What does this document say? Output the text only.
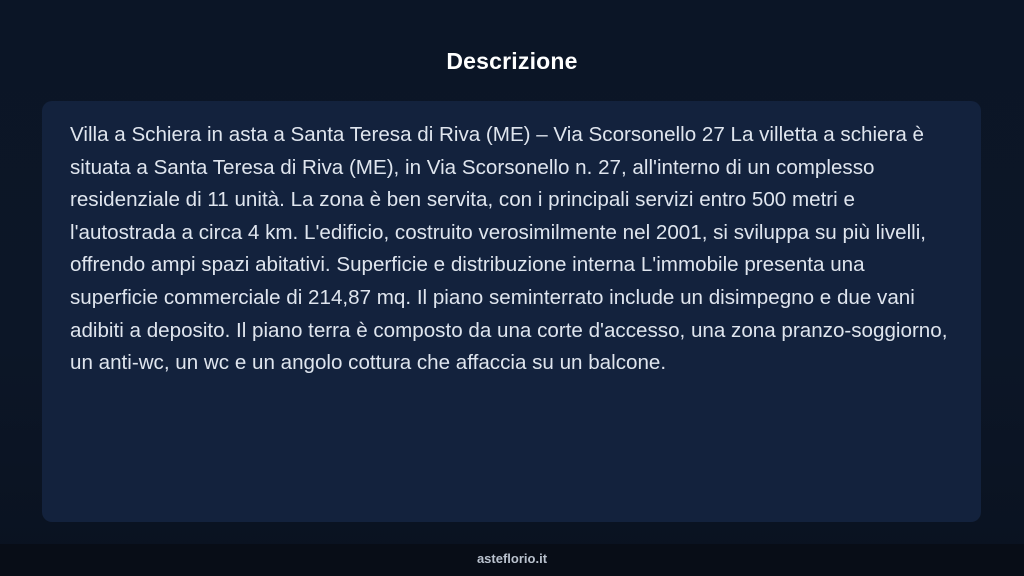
Descrizione

Villa a Schiera in asta a Santa Teresa di Riva (ME) – Via Scorsonello 27 La villetta a schiera è situata a Santa Teresa di Riva (ME), in Via Scorsonello n. 27, all'interno di un complesso residenziale di 11 unità. La zona è ben servita, con i principali servizi entro 500 metri e l'autostrada a circa 4 km. L'edificio, costruito verosimilmente nel 2001, si sviluppa su più livelli, offrendo ampi spazi abitativi. Superficie e distribuzione interna L'immobile presenta una superficie commerciale di 214,87 mq. Il piano seminterrato include un disimpegno e due vani adibiti a deposito. Il piano terra è composto da una corte d'accesso, una zona pranzo-soggiorno, un anti-wc, un wc e un angolo cottura che affaccia su un balcone.

asteflorio.it
